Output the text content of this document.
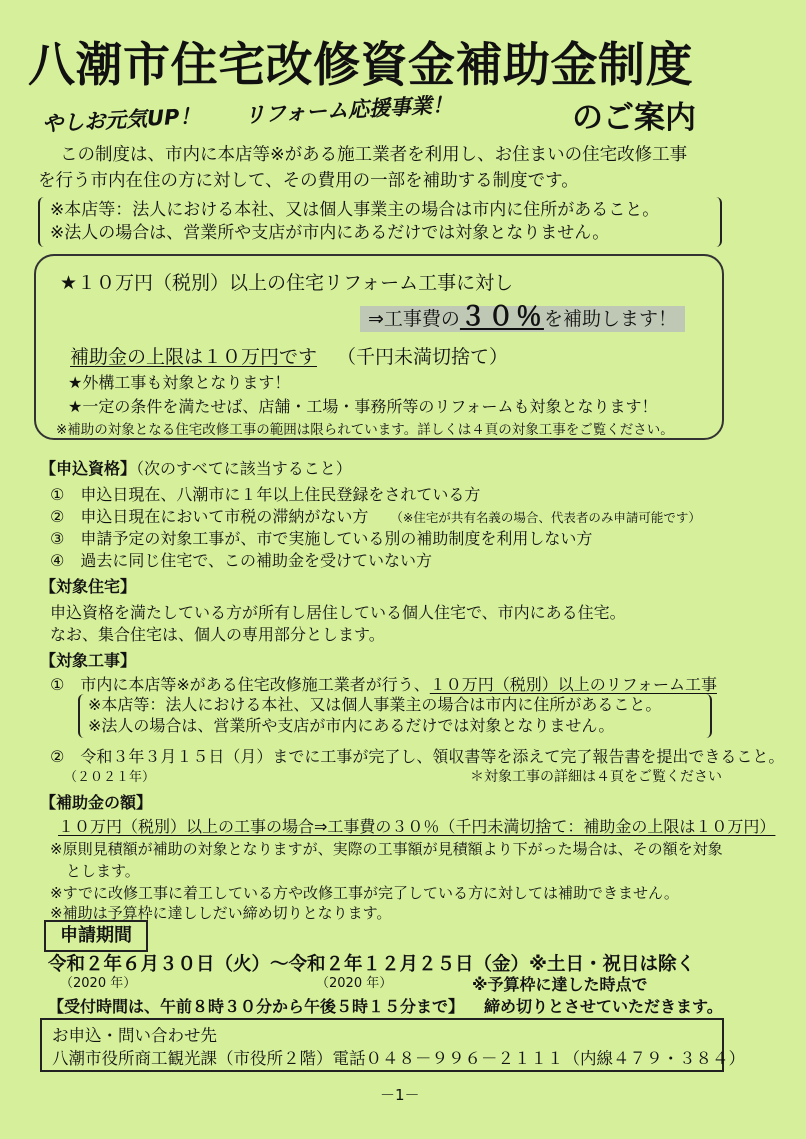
八潮市住宅改修資金補助金制度
やしお元気UP！ リフォーム応援事業！	のご案内
この制度は、市内に本店等※がある施工業者を利用し、お住まいの住宅改修工事
を行う市内在住の方に対して、その費用の一部を補助する制度です。
※本店等：法人における本社、又は個人事業主の場合は市内に住所があること。
※法人の場合は、営業所や支店が市内にあるだけでは対象となりません。
★１０万円（税別）以上の住宅リフォーム工事に対し
⇒工事費の３０％を補助します！
補助金の上限は１０万円です （千円未満切捨て）
★外構工事も対象となります！
★一定の条件を満たせば、店舗・工場・事務所等のリフォームも対象となります！
※補助の対象となる住宅改修工事の範囲は限られています。詳しくは４頁の対象工事をご覧ください。
【申込資格】（次のすべてに該当すること）
①　 申込日現在、八潮市に１年以上住民登録をされている方
②　 申込日現在において市税の滞納がない方 （※住宅が共有名義の場合、代表者のみ申請可能です）
③　 申請予定の対象工事が、市で実施している別の補助制度を利用しない方
④　 過去に同じ住宅で、この補助金を受けていない方
【対象住宅】
申込資格を満たしている方が所有し居住している個人住宅で、市内にある住宅。
なお、集合住宅は、個人の専用部分とします。
【対象工事】
①　 市内に本店等※がある住宅改修施工業者が行う、１０万円（税別）以上のリフォーム工事
※本店等：法人における本社、又は個人事業主の場合は市内に住所があること。
※法人の場合は、営業所や支店が市内にあるだけでは対象となりません。
②　 令和３年３月１５日（月）までに工事が完了し、領収書等を添えて完了報告書を提出できること。
（２０２１年）	＊対象工事の詳細は４頁をご覧ください
【補助金の額】
１０万円（税別）以上の工事の場合⇒工事費の３０％（千円未満切捨て：補助金の上限は１０万円）
※原則見積額が補助の対象となりますが、実際の工事額が見積額より下がった場合は、その額を対象
とします。
※すでに改修工事に着工している方や改修工事が完了している方に対しては補助できません。
※補助は予算枠に達ししだい締め切りとなります。
申請期間
令和２年６月３０日（火）～令和２年１２月２５日（金）※土日・祝日は除く
（2020 年）	（2020 年）	※予算枠に達した時点で
締め切りとさせていただきます。
【受付時間は、午前８時３０分から午後５時１５分まで】
お申込・問い合わせ先
八潮市役所商工観光課（市役所２階）電話０４８－９９６－２１１１（内線４７９・３８４）
－1－
